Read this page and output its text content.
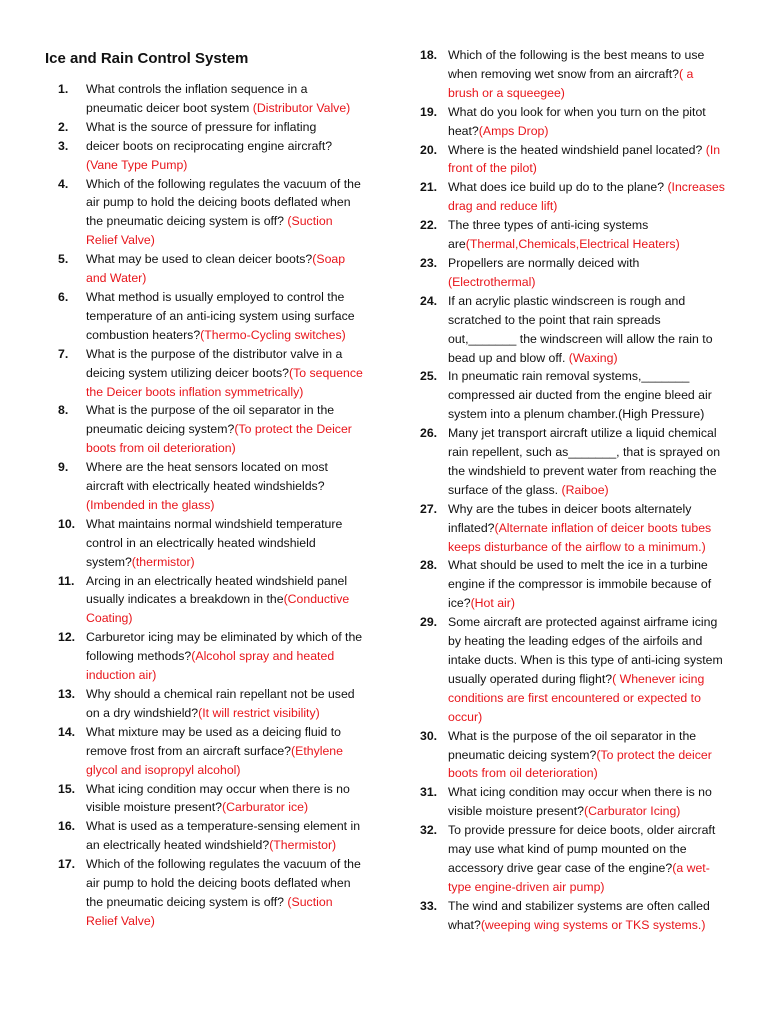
Ice and Rain Control System
1. What controls the inflation sequence in a pneumatic deicer boot system (Distributor Valve)
2. What is the source of pressure for inflating
3. deicer boots on reciprocating engine aircraft? (Vane Type Pump)
4. Which of the following regulates the vacuum of the air pump to hold the deicing boots deflated when the pneumatic deicing system is off? (Suction Relief Valve)
5. What may be used to clean deicer boots?(Soap and Water)
6. What method is usually employed to control the temperature of an anti-icing system using surface combustion heaters?(Thermo-Cycling switches)
7. What is the purpose of the distributor valve in a deicing system utilizing deicer boots?(To sequence the Deicer boots inflation symmetrically)
8. What is the purpose of the oil separator in the pneumatic deicing system?(To protect the Deicer boots from oil deterioration)
9. Where are the heat sensors located on most aircraft with electrically heated windshields? (Imbended in the glass)
10. What maintains normal windshield temperature control in an electrically heated windshield system?(thermistor)
11. Arcing in an electrically heated windshield panel usually indicates a breakdown in the(Conductive Coating)
12. Carburetor icing may be eliminated by which of the following methods?(Alcohol spray and heated induction air)
13. Why should a chemical rain repellant not be used on a dry windshield?(It will restrict visibility)
14. What mixture may be used as a deicing fluid to remove frost from an aircraft surface?(Ethylene glycol and isopropyl alcohol)
15. What icing condition may occur when there is no visible moisture present?(Carburator ice)
16. What is used as a temperature-sensing element in an electrically heated windshield?(Thermistor)
17. Which of the following regulates the vacuum of the air pump to hold the deicing boots deflated when the pneumatic deicing system is off? (Suction Relief Valve)
18. Which of the following is the best means to use when removing wet snow from an aircraft?( a brush or a squeegee)
19. What do you look for when you turn on the pitot heat?(Amps Drop)
20. Where is the heated windshield panel located? (In front of the pilot)
21. What does ice build up do to the plane? (Increases drag and reduce lift)
22. The three types of anti-icing systems are(Thermal,Chemicals,Electrical Heaters)
23. Propellers are normally deiced with (Electrothermal)
24. If an acrylic plastic windscreen is rough and scratched to the point that rain spreads out,_______ the windscreen will allow the rain to bead up and blow off. (Waxing)
25. In pneumatic rain removal systems,_______ compressed air ducted from the engine bleed air system into a plenum chamber.(High Pressure)
26. Many jet transport aircraft utilize a liquid chemical rain repellent, such as_______, that is sprayed on the windshield to prevent water from reaching the surface of the glass. (Raiboe)
27. Why are the tubes in deicer boots alternately inflated?(Alternate inflation of deicer boots tubes keeps disturbance of the airflow to a minimum.)
28. What should be used to melt the ice in a turbine engine if the compressor is immobile because of ice?(Hot air)
29. Some aircraft are protected against airframe icing by heating the leading edges of the airfoils and intake ducts. When is this type of anti-icing system usually operated during flight?( Whenever icing conditions are first encountered or expected to occur)
30. What is the purpose of the oil separator in the pneumatic deicing system?(To protect the deicer boots from oil deterioration)
31. What icing condition may occur when there is no visible moisture present?(Carburator Icing)
32. To provide pressure for deice boots, older aircraft may use what kind of pump mounted on the accessory drive gear case of the engine?(a wet-type engine-driven air pump)
33. The wind and stabilizer systems are often called what?(weeping wing systems or TKS systems.)
